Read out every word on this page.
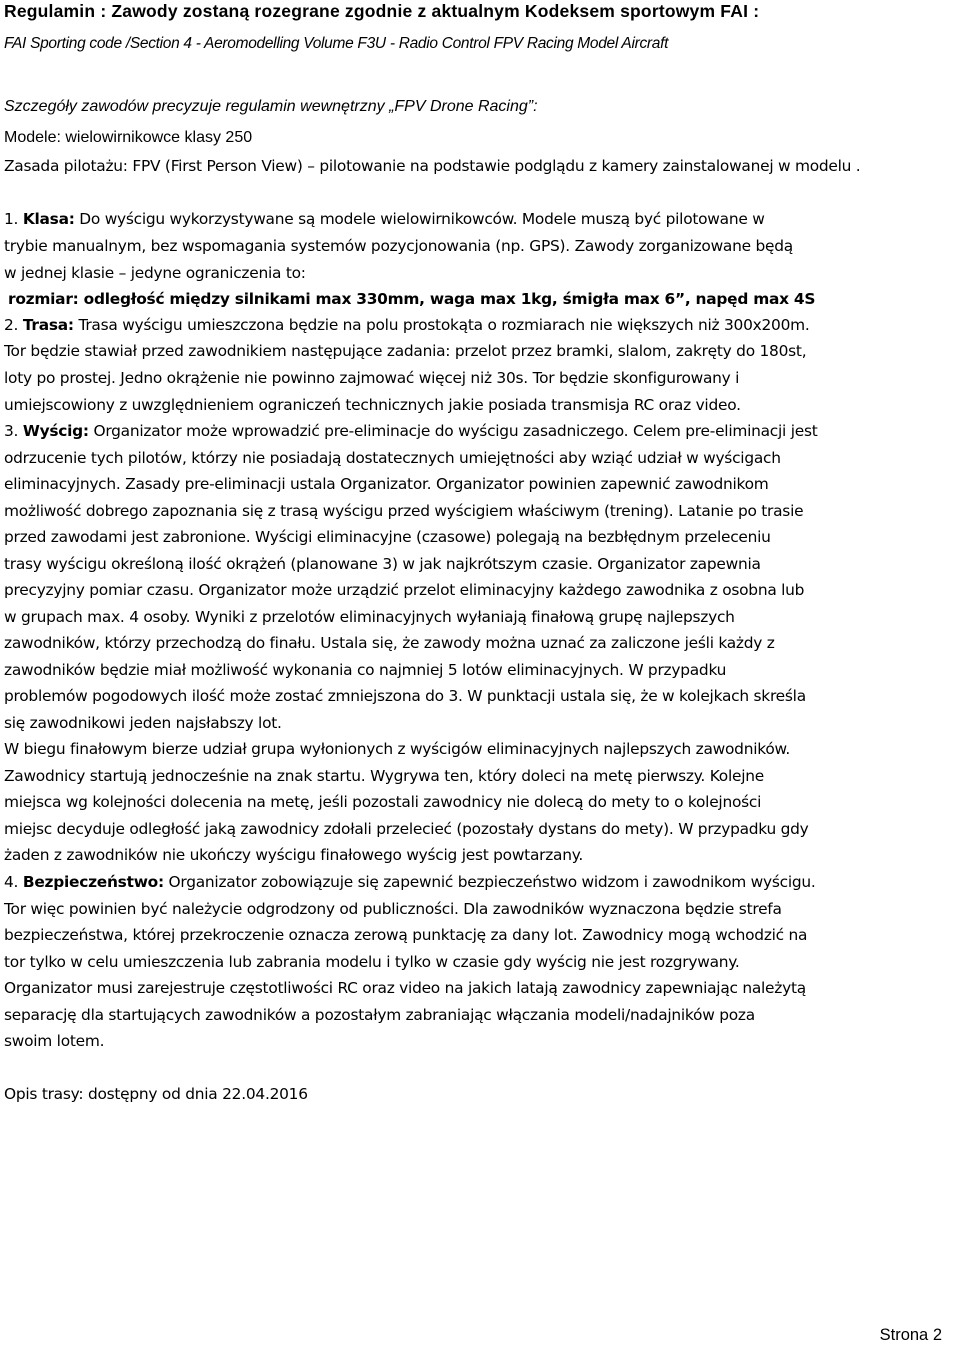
Regulamin : Zawody zostaną rozegrane zgodnie z aktualnym Kodeksem sportowym FAI :
FAI Sporting code /Section 4 - Aeromodelling Volume F3U - Radio Control FPV Racing Model Aircraft
Szczegóły zawodów precyzuje regulamin wewnętrzny „FPV Drone Racing”:
Modele: wielowirnikowce klasy 250
Zasada pilotażu: FPV (First Person View) – pilotowanie na podstawie podglądu z kamery zainstalowanej w modelu .
1. Klasa: Do wyścigu wykorzystywane są modele wielowirnikowców. Modele muszą być pilotowane w
trybie manualnym, bez wspomagania systemów pozycjonowania (np. GPS). Zawody zorganizowane będą
w jednej klasie – jedyne ograniczenia to:
rozmiar: odległość między silnikami max 330mm, waga max 1kg, śmigła max 6”, napęd max 4S
2. Trasa: Trasa wyścigu umieszczona będzie na polu prostokąta o rozmiarach nie większych niż 300x200m.
Tor będzie stawiał przed zawodnikiem następujące zadania: przelot przez bramki, slalom, zakręty do 180st,
loty po prostej. Jedno okrążenie nie powinno zajmować więcej niż 30s. Tor będzie skonfigurowany i
umiejscowiony z uwzględnieniem ograniczeń technicznych jakie posiada transmisja RC oraz video.
3. Wyścig: Organizator może wprowadzić pre-eliminacje do wyścigu zasadniczego. Celem pre-eliminacji jest
odrzucenie tych pilotów, którzy nie posiadają dostatecznych umiejętności aby wziąć udział w wyścigach
eliminacyjnych. Zasady pre-eliminacji ustala Organizator. Organizator powinien zapewnić zawodnikom
możliwość dobrego zapoznania się z trasą wyścigu przed wyścigiem właściwym (trening). Latanie po trasie
przed zawodami jest zabronione. Wyścigi eliminacyjne (czasowe) polegają na bezbłędnym przeleceniu
trasy wyścigu określoną ilość okrążeń (planowane 3) w jak najkrótszym czasie. Organizator zapewnia
precyzyjny pomiar czasu. Organizator może urządzić przelot eliminacyjny każdego zawodnika z osobna lub
w grupach max. 4 osoby. Wyniki z przelotów eliminacyjnych wyłaniają finałową grupę najlepszych
zawodników, którzy przechodzą do finału. Ustala się, że zawody można uznać za zaliczone jeśli każdy z
zawodników będzie miał możliwość wykonania co najmniej 5 lotów eliminacyjnych. W przypadku
problemów pogodowych ilość może zostać zmniejszona do 3. W punktacji ustala się, że w kolejkach skreśla
się zawodnikowi jeden najsłabszy lot.
W biegu finałowym bierze udział grupa wyłonionych z wyścigów eliminacyjnych najlepszych zawodników.
Zawodnicy startują jednocześnie na znak startu. Wygrywa ten, który doleci na metę pierwszy. Kolejne
miejsca wg kolejności dolecenia na metę, jeśli pozostali zawodnicy nie dolecą do mety to o kolejności
miejsc decyduje odległość jaką zawodnicy zdołali przelecieć (pozostały dystans do mety). W przypadku gdy
żaden z zawodników nie ukończy wyścigu finałowego wyścig jest powtarzany.
4. Bezpieczeństwo: Organizator zobowiązuje się zapewnić bezpieczeństwo widzom i zawodnikom wyścigu.
Tor więc powinien być należycie odgrodzony od publiczności. Dla zawodników wyznaczona będzie strefa
bezpieczeństwa, której przekroczenie oznacza zerową punktację za dany lot. Zawodnicy mogą wchodzić na
tor tylko w celu umieszczenia lub zabrania modelu i tylko w czasie gdy wyścig nie jest rozgrywany.
Organizator musi zarejestruje częstotliwości RC oraz video na jakich latają zawodnicy zapewniając należytą
separację dla startujących zawodników a pozostałym zabraniając włączania modeli/nadajników poza
swoim lotem.
Opis trasy: dostępny od dnia 22.04.2016
Strona 2
